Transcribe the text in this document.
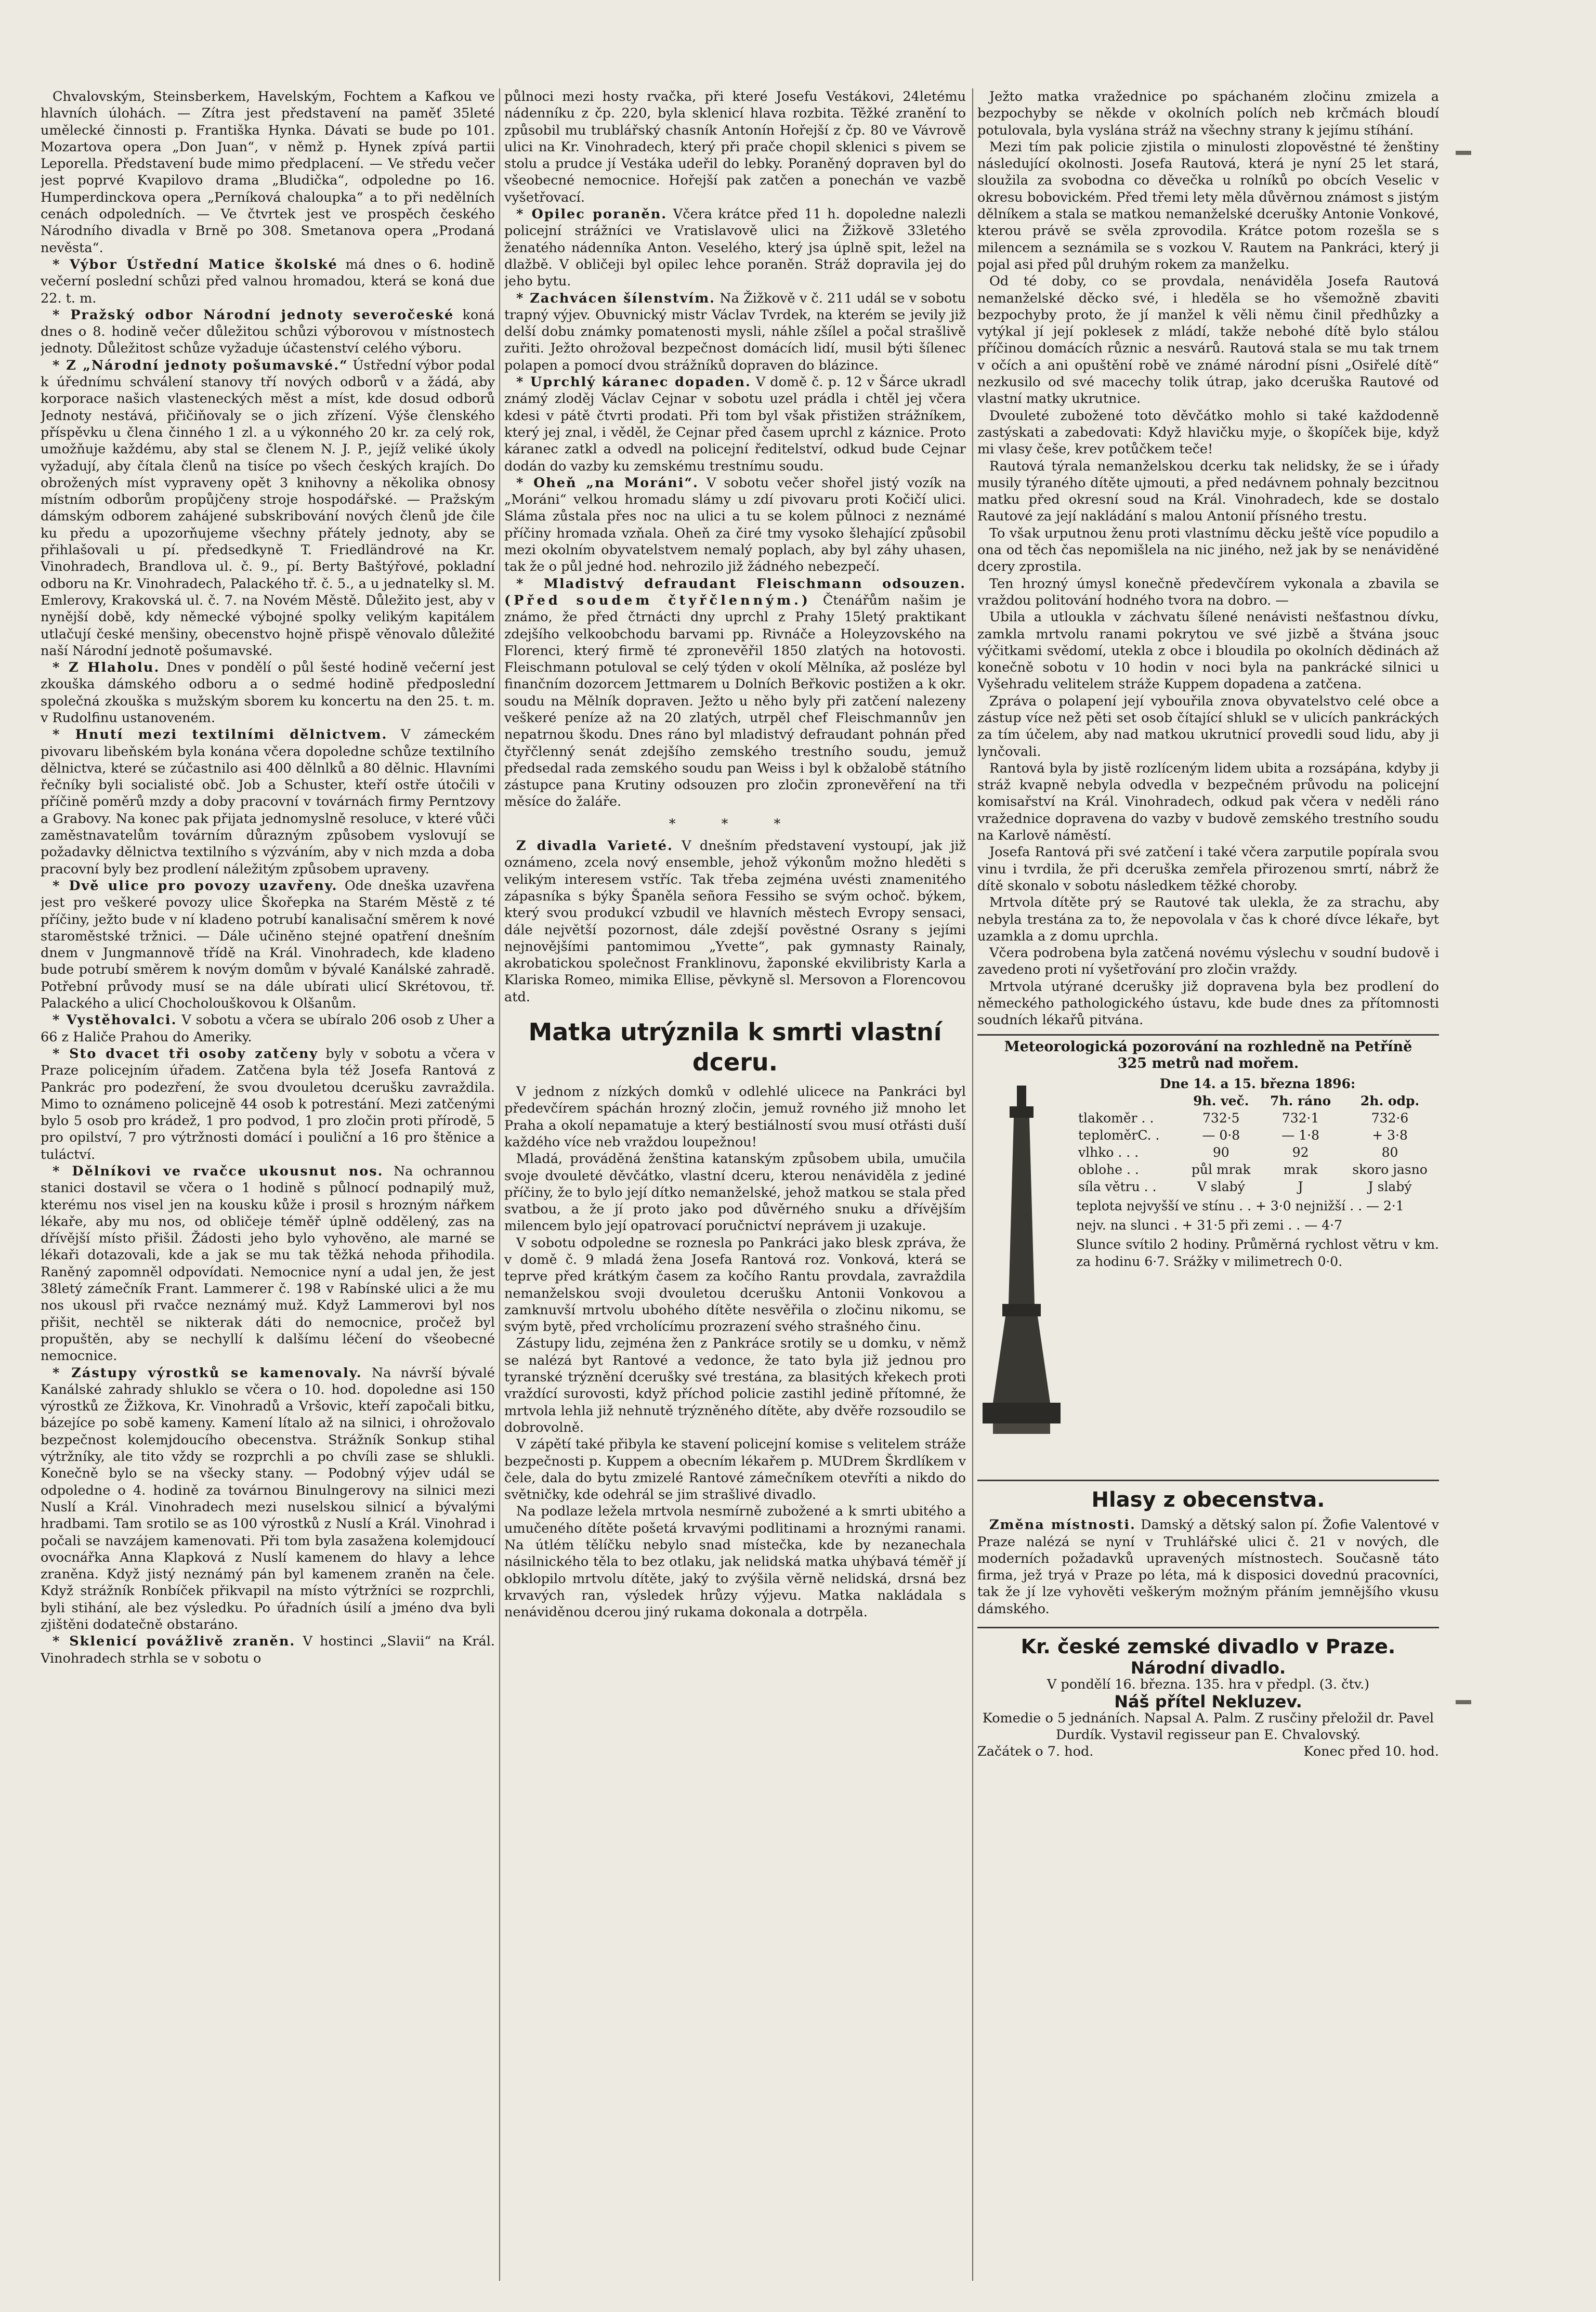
Chvalovským, Steinsberkem, Havelským, Fochtem a Kafkou ve hlavních úlohách. — Zítra jest představení na paměť 35leté umělecké činnosti p. Františka Hynka. Dávati se bude po 101. Mozartova opera „Don Juan“, v němž p. Hynek zpívá partii Leporella. Představení bude mimo předplacení. — Ve středu večer jest poprvé Kvapilovo drama „Bludička“, odpoledne po 16. Humperdinckova opera „Perníková chaloupka“ a to při nedělních cenách odpoledních. — Ve čtvrtek jest ve prospěch českého Národního divadla v Brně po 308. Smetanova opera „Prodaná nevěsta“.

* Výbor Ústřední Matice školské má dnes o 6. hodině večerní poslední schůzi před valnou hromadou, která se koná due 22. t. m.

* Pražský odbor Národní jednoty severočeské koná dnes o 8. hodině večer důležitou schůzi výborovou v místnostech jednoty. Důležitost schůze vyžaduje účastenství celého výboru.

* Z „Národní jednoty pošumavské.“ Ústřední výbor podal k úřednímu schválení stanovy tří nových odborů v a žádá, aby korporace našich vlasteneckých měst a míst, kde dosud odborů Jednoty nestává, přičiňovaly se o jich zřízení. Výše členského příspěvku u člena činného 1 zl. a u výkonného 20 kr. za celý rok, umožňuje každému, aby stal se členem N. J. P., jejíž veliké úkoly vyžadují, aby čítala členů na tisíce po všech českých krajích. Do obrožených míst vypraveny opět 3 knihovny a několika obnosy místním odborům propůjčeny stroje hospodářské. — Pražským dámským odborem zahájené subskribování nových členů jde čile ku předu a upozorňujeme všechny přátely jednoty, aby se přihlašovali u pí. předsedkyně T. Friedländrové na Kr. Vinohradech, Brandlova ul. č. 9., pí. Berty Baštýřové, pokladní odboru na Kr. Vinohradech, Palackého tř. č. 5., a u jednatelky sl. M. Emlerovy, Krakovská ul. č. 7. na Novém Městě. Důležito jest, aby v nynější době, kdy německé výbojné spolky velikým kapitálem utlačují české menšiny, obecenstvo hojně přispě věnovalo důležité naší Národní jednotě pošumavské.

* Z Hlaholu. Dnes v pondělí o půl šesté hodině večerní jest zkouška dámského odboru a o sedmé hodině předposlední společná zkouška s mužským sborem ku koncertu na den 25. t. m. v Rudolfinu ustanoveném.

* Hnutí mezi textilními dělnictvem. V zámeckém pivovaru libeňském byla konána včera dopoledne schůze textilního dělnictva, které se zúčastnilo asi 400 dělnlků a 80 dělnic. Hlavními řečníky byli socialisté obč. Job a Schuster, kteří ostře útočili v příčině poměrů mzdy a doby pracovní v továrnách firmy Perntzovy a Grabovy. Na konec pak přijata jednomyslně resoluce, v které vůči zaměstnavatelům továrním důrazným způsobem vyslovují se požadavky dělnictva textilního s výzváním, aby v nich mzda a doba pracovní byly bez prodlení náležitým způsobem upraveny.

* Dvě ulice pro povozy uzavřeny. Ode dneška uzavřena jest pro veškeré povozy ulice Škořepka na Starém Městě z té příčiny, ježto bude v ní kladeno potrubí kanalisační směrem k nové staroměstské tržnici. — Dále učiněno stejné opatření dnešním dnem v Jungmannově třídě na Král. Vinohradech, kde kladeno bude potrubí směrem k novým domům v bývalé Kanálské zahradě. Potřební průvody musí se na dále ubírati ulicí Skrétovou, tř. Palackého a ulicí Chocholouškovou k Olšanům.

* Vystěhovalci. V sobotu a včera se ubíralo 206 osob z Uher a 66 z Haliče Prahou do Ameriky.

* Sto dvacet tři osoby zatčeny byly v sobotu a včera v Praze policejním úřadem. Zatčena byla též Josefa Rantová z Pankrác pro podezření, že svou dvouletou dcerušku zavraždila. Mimo to oznámeno policejně 44 osob k potrestání. Mezi zatčenými bylo 5 osob pro krádež, 1 pro podvod, 1 pro zločin proti přírodě, 5 pro opilství, 7 pro výtržnosti domácí i pouliční a 16 pro štěnice a tuláctví.

* Dělníkovi ve rvačce ukousnut nos. Na ochrannou stanici dostavil se včera o 1 hodině s půlnocí podnapilý muž, kterému nos visel jen na kousku kůže i prosil s hrozným nářkem lékaře, aby mu nos, od obličeje téměř úplně oddělený, zas na dřívější místo přišil. Žádosti jeho bylo vyhověno, ale marné se lékaři dotazovali, kde a jak se mu tak těžká nehoda přihodila. Raněný zapomněl odpovídati. Nemocnice nyní a udal jen, že jest 38letý zámečník Frant. Lammerer č. 198 v Rabínské ulici a že mu nos ukousl při rvačce neznámý muž. Když Lammerovi byl nos přišit, nechtěl se nikterak dáti do nemocnice, pročež byl propuštěn, aby se nechyllí k dalšímu léčení do všeobecné nemocnice.

* Zástupy výrostků se kamenovaly. Na návrší bývalé Kanálské zahrady shluklo se včera o 10. hod. dopoledne asi 150 výrostků ze Žižkova, Kr. Vinohradů a Vršovic, kteří započali bitku, bázejíce po sobě kameny. Kamení lítalo až na silnici, i ohrožovalo bezpečnost kolemjdoucího obecenstva. Strážník Sonkup stihal výtržníky, ale tito vždy se rozprchli a po chvíli zase se shlukli. Konečně bylo se na všecky stany. — Podobný výjev udál se odpoledne o 4. hodině za továrnou Binulngerovy na silnici mezi Nuslí a Král. Vinohradech mezi nuselskou silnicí a bývalými hradbami. Tam srotilo se as 100 výrostků z Nuslí a Král. Vinohrad i počali se navzájem kamenovati. Při tom byla zasažena kolemjdoucí ovocnářka Anna Klapková z Nuslí kamenem do hlavy a lehce zraněna. Když jistý neznámý pán byl kamenem zraněn na čele. Když strážník Ronbíček přikvapil na místo výtržníci se rozprchli, byli stihání, ale bez výsledku. Po úřadních úsilí a jméno dva byli zjištěni dodatečně obstaráno.

* Sklenicí povážlivě zraněn. V hostinci „Slavii“ na Král. Vinohradech strhla se v sobotu o

půlnoci mezi hosty rvačka, při které Josefu Vestákovi, 24letému nádenníku z čp. 220, byla sklenicí hlava rozbita. Těžké zranění to způsobil mu trublářský chasník Antonín Hořejší z čp. 80 ve Vávrově ulici na Kr. Vinohradech, který při prače chopil sklenici s pivem se stolu a prudce jí Vestáka udeřil do lebky. Poraněný dopraven byl do všeobecné nemocnice. Hořejší pak zatčen a ponechán ve vazbě vyšetřovací.

* Opilec poraněn. Včera krátce před 11 h. dopoledne nalezli policejní strážníci ve Vratislavově ulici na Žižkově 33letého ženatého nádenníka Anton. Veselého, který jsa úplně spit, ležel na dlažbě. V obličeji byl opilec lehce poraněn. Stráž dopravila jej do jeho bytu.

* Zachvácen šílenstvím. Na Žižkově v č. 211 udál se v sobotu trapný výjev. Obuvnický mistr Václav Tvrdek, na kterém se jevily již delší dobu známky pomatenosti mysli, náhle zšílel a počal strašlivě zuřiti. Ježto ohrožoval bezpečnost domácích lidí, musil býti šílenec polapen a pomocí dvou strážníků dopraven do blázince.

* Uprchlý káranec dopaden. V domě č. p. 12 v Šárce ukradl známý zloděj Václav Cejnar v sobotu uzel prádla i chtěl jej včera kdesi v pátě čtvrti prodati. Při tom byl však přistižen strážníkem, který jej znal, i věděl, že Cejnar před časem uprchl z káznice. Proto káranec zatkl a odvedl na policejní ředitelství, odkud bude Cejnar dodán do vazby ku zemskému trestnímu soudu.

* Oheň „na Moráni“. V sobotu večer shořel jistý vozík na „Moráni“ velkou hromadu slámy u zdí pivovaru proti Kočičí ulici. Sláma zůstala přes noc na ulici a tu se kolem půlnoci z neznámé příčiny hromada vzňala. Oheň za čiré tmy vysoko šlehající způsobil mezi okolním obyvatelstvem nemalý poplach, aby byl záhy uhasen, tak že o půl jedné hod. nehrozilo již žádného nebezpečí.

* Mladistvý defraudant Fleischmann odsouzen. (Před soudem čtyřčlenným.) Čtenářům našim je známo, že před čtrnácti dny uprchl z Prahy 15letý praktikant zdejšího velkoobchodu barvami pp. Rivnáče a Holeyzovského na Florenci, který firmě té zpronevěřil 1850 zlatých na hotovosti. Fleischmann potuloval se celý týden v okolí Mělníka, až posléze byl finančním dozorcem Jettmarem u Dolních Beřkovic postižen a k okr. soudu na Mělník dopraven. Ježto u něho byly při zatčení nalezeny veškeré peníze až na 20 zlatých, utrpěl chef Fleischmannův jen nepatrnou škodu. Dnes ráno byl mladistvý defraudant pohnán před čtyřčlenný senát zdejšího zemského trestního soudu, jemuž předsedal rada zemského soudu pan Weiss i byl k obžalobě státního zástupce pana Krutiny odsouzen pro zločin zpronevěření na tři měsíce do žaláře.

* * *

Z divadla Varieté. V dnešním představení vystoupí, jak již oznámeno, zcela nový ensemble, jehož výkonům možno hleděti s velikým interesem vstříc. Tak třeba zejména uvésti znamenitého zápasníka s býky Španěla señora Fessiho se svým ochoč. býkem, který svou produkcí vzbudil ve hlavních městech Evropy sensaci, dále největší pozornost, dále zdejší pověstné Osrany s jejími nejnovějšími pantomimou „Yvette“, pak gymnasty Rainaly, akrobatickou společnost Franklinovu, žaponské ekvilibristy Karla a Klariska Romeo, mimika Ellise, pěvkyně sl. Mersovon a Florencovou atd.

Matka utrýznila k smrti vlastní dceru.

V jednom z nízkých domků v odlehlé ulicece na Pankráci byl předevčírem spáchán hrozný zločin, jemuž rovného již mnoho let Praha a okolí nepamatuje a který bestiálností svou musí otřásti duší každého více neb vraždou loupežnou!

Mladá, prováděná ženština katanským způsobem ubila, umučila svoje dvouleté děvčátko, vlastní dceru, kterou nenáviděla z jediné příčiny, že to bylo její dítko nemanželské, jehož matkou se stala před svatbou, a že jí proto jako pod důvěrného snuku a dřívějším milencem bylo její opatrovací poručnictví neprávem ji uzakuje.

V sobotu odpoledne se roznesla po Pankráci jako blesk zpráva, že v domě č. 9 mladá žena Josefa Rantová roz. Vonková, která se teprve před krátkým časem za kočího Rantu provdala, zavraždila nemanželskou svoji dvouletou dcerušku Antonii Vonkovou a zamknuvší mrtvolu ubohého dítěte nesvěřila o zločinu nikomu, se svým bytě, před vrcholícímu prozrazení svého strašného činu.

Zástupy lidu, zejména žen z Pankráce srotily se u domku, v němž se nalézá byt Rantové a vedonce, že tato byla již jednou pro tyranské trýznění dcerušky své trestána, za blasitých křekech proti vraždící surovosti, když příchod policie zastihl jedině přítomné, že mrtvola lehla již nehnutě trýzněného dítěte, aby dvěře rozsoudilo se dobrovolně.

V zápětí také přibyla ke stavení policejní komise s velitelem stráže bezpečnosti p. Kuppem a obecním lékařem p. MUDrem Škrdlíkem v čele, dala do bytu zmizelé Rantové zámečníkem otevříti a nikdo do světničky, kde odehrál se jim strašlivé divadlo.

Na podlaze ležela mrtvola nesmírně zubožené a k smrti ubitého a umučeného dítěte pošetá krvavými podlitinami a hroznými ranami. Na útlém tělíčku nebylo snad místečka, kde by nezanechala násilnického těla to bez otlaku, jak nelidská matka uhýbavá téměř jí obklopilo mrtvolu dítěte, jaký to zvýšila věrně nelidská, drsná bez krvavých ran, výsledek hrůzy výjevu. Matka nakládala s nenáviděnou dcerou jiný rukama dokonala a dotrpěla.

Ježto matka vražednice po spáchaném zločinu zmizela a bezpochyby se někde v okolních polích neb krčmách bloudí potulovala, byla vyslána stráž na všechny strany k jejímu stíhání.

Mezi tím pak policie zjistila o minulosti zlopověstné té ženštiny následující okolnosti. Josefa Rautová, která je nyní 25 let stará, sloužila za svobodna co děvečka u rolníků po obcích Veselic v okresu bobovickém. Před třemi lety měla důvěrnou známost s jistým dělníkem a stala se matkou nemanželské dcerušky Antonie Vonkové, kterou právě se svěla zprovodila. Krátce potom rozešla se s milencem a seznámila se s vozkou V. Rautem na Pankráci, který ji pojal asi před půl druhým rokem za manželku.

Od té doby, co se provdala, nenáviděla Josefa Rautová nemanželské děcko své, i hleděla se ho všemožně zbaviti bezpochyby proto, že jí manžel k věli němu činil předhůzky a vytýkal jí její poklesek z mládí, takže nebohé dítě bylo stálou příčinou domácích různic a nesvárů. Rautová stala se mu tak trnem v očích a ani opuštění robě ve známé národní písni „Osiřelé dítě“ nezkusilo od své macechy tolik útrap, jako dceruška Rautové od vlastní matky ukrutnice.

Dvouleté zubožené toto děvčátko mohlo si také každodenně zastýskati a zabedovati: Když hlavičku myje, o škopíček bije, když mi vlasy češe, krev potůčkem teče!

Rautová týrala nemanželskou dcerku tak nelidsky, že se i úřady musily týraného dítěte ujmouti, a před nedávnem pohnaly bezcitnou matku před okresní soud na Král. Vinohradech, kde se dostalo Rautové za její nakládání s malou Antonií přísného trestu.

To však urputnou ženu proti vlastnímu děcku ještě více popudilo a ona od těch čas nepomišlela na nic jiného, než jak by se nenáviděné dcery zprostila.

Ten hrozný úmysl konečně předevčírem vykonala a zbavila se vraždou politování hodného tvora na dobro. —

Ubila a utloukla v záchvatu šílené nenávisti nešťastnou dívku, zamkla mrtvolu ranami pokrytou ve své jizbě a štvána jsouc výčitkami svědomí, utekla z obce i bloudila po okolních dědinách až konečně sobotu v 10 hodin v noci byla na pankrácké silnici u Vyšehradu velitelem stráže Kuppem dopadena a zatčena.

Zpráva o polapení její vybouřila znova obyvatelstvo celé obce a zástup více než pěti set osob čítající shlukl se v ulicích pankráckých za tím účelem, aby nad matkou ukrutnicí provedli soud lidu, aby ji lynčovali.

Rantová byla by jistě rozlíceným lidem ubita a rozsápána, kdyby ji stráž kvapně nebyla odvedla v bezpečném průvodu na policejní komisařství na Král. Vinohradech, odkud pak včera v neděli ráno vražednice dopravena do vazby v budově zemského trestního soudu na Karlově náměstí.

Josefa Rantová při své zatčení i také včera zarputile popírala svou vinu i tvrdila, že při dceruška zemřela přirozenou smrtí, nábrž že dítě skonalo v sobotu následkem těžké choroby.

Mrtvola dítěte prý se Rautové tak ulekla, že za strachu, aby nebyla trestána za to, že nepovolala v čas k choré dívce lékaře, byt uzamkla a z domu uprchla.

Včera podrobena byla zatčená novému výslechu v soudní budově i zavedeno proti ní vyšetřování pro zločin vraždy.

Mrtvola utýrané dcerušky již dopravena byla bez prodlení do německého pathologického ústavu, kde bude dnes za přítomnosti soudních lékařů pitvána.

Meteorologická pozorování na rozhledně na Petříně

325 metrů nad mořem.

Dne 14. a 15. března 1896:

	9h. več.	7h. ráno	2h. odp.
tlakoměr . .	732·5	732·1	732·6
teploměrC. .	— 0·8	— 1·8	+ 3·8
vlhko . . .	90	92	80
oblohe . .	půl mrak	mrak	skoro jasno
síla větru . .	V slabý	J	J slabý

teplota nejvyšší ve stínu . . + 3·0 nejnižší . . — 2·1

nejv. na slunci . + 31·5 při zemi . . — 4·7

Slunce svítilo 2 hodiny. Průměrná rychlost větru v km. za hodinu 6·7. Srážky v milimetrech 0·0.

Hlasy z obecenstva.

Změna místnosti. Damský a dětský salon pí. Žofie Valentové v Praze nalézá se nyní v Truhlářské ulici č. 21 v nových, dle moderních požadavků upravených místnostech. Současně táto firma, jež tryá v Praze po léta, má k disposici dovednú pracovníci, tak že jí lze vyhověti veškerým možným přáním jemnějšího vkusu dámského.

Kr. české zemské divadlo v Praze.
Národní divadlo.

V pondělí 16. března. 135. hra v předpl. (3. čtv.)

Náš přítel Nekluzev.

Komedie o 5 jednáních. Napsal A. Palm. Z rusčiny přeložil dr. Pavel Durdík. Vystavil regisseur pan E. Chvalovský.

Začátek o 7. hod.	Konec před 10. hod.
